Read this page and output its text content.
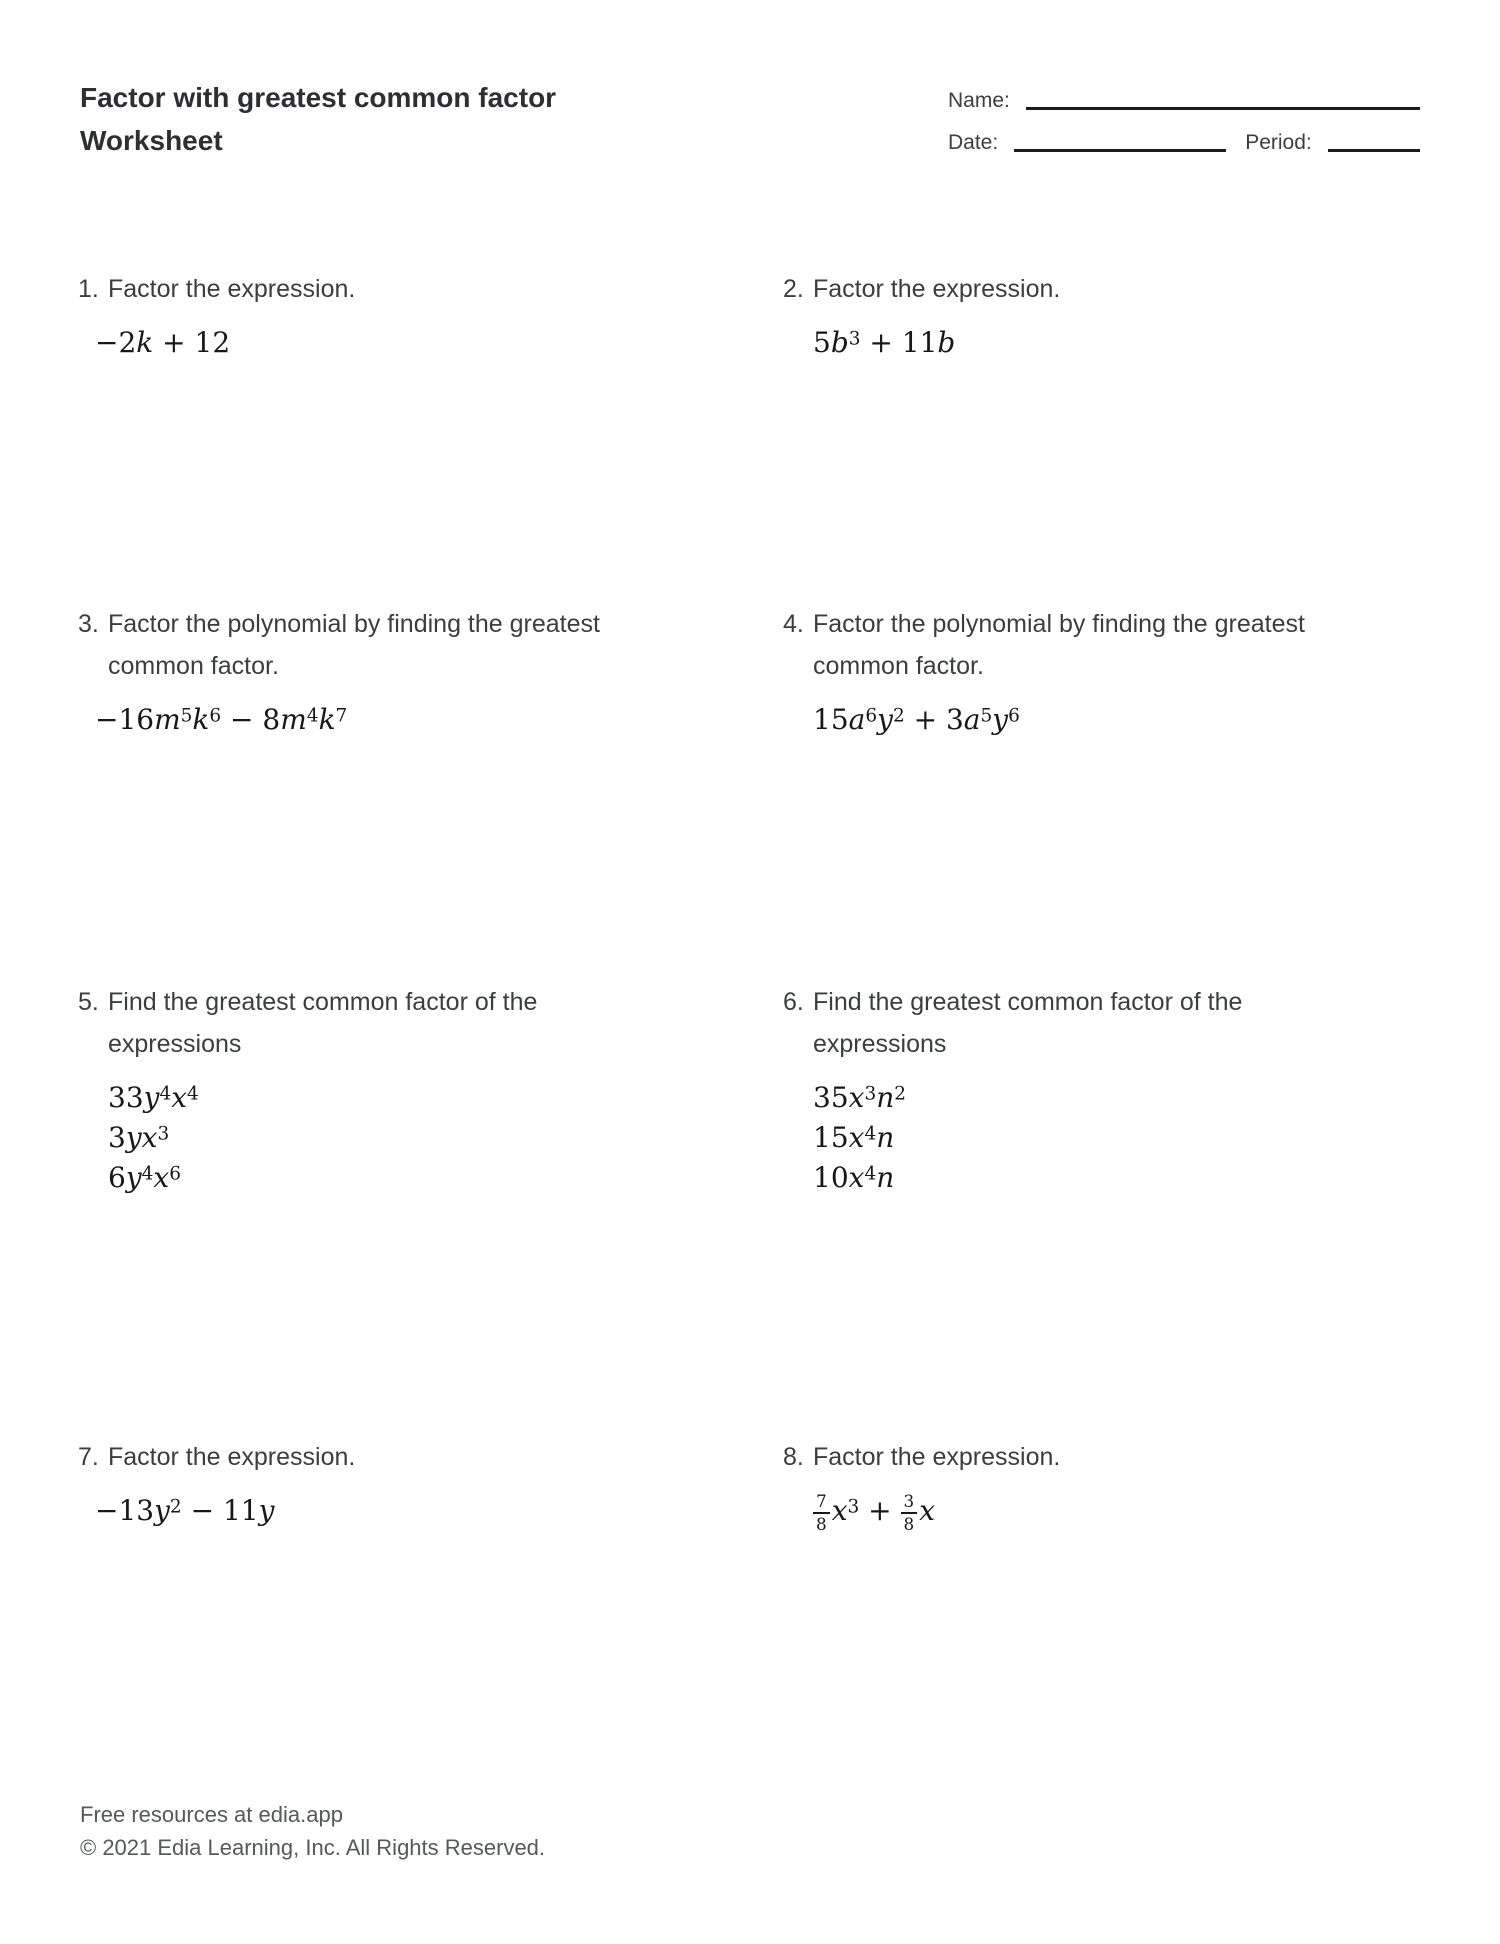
Factor with greatest common factor
Worksheet
Name:
Date:	Period:
1. Factor the expression.
−2k + 12
2. Factor the expression.
$5b^3 + 11b$
3. Factor the polynomial by finding the greatest
common factor.
$-16m^5k^6 - 8m^4k^7$
4. Factor the polynomial by finding the greatest
common factor.
$15a^6y^2 + 3a^5y^6$
5. Find the greatest common factor of the
expressions
$33y^4x^4$
$3yx^3$
$6y^4x^6$
6. Find the greatest common factor of the
expressions
$35x^3n^2$
$15x^4n$
$10x^4n$
7. Factor the expression.
$-13y^2 - 11y$
8. Factor the expression.
$\frac{7}{8} x^3 + \frac{3}{8}$ x
Free resources at edia.app
© 2021 Edia Learning, Inc. All Rights Reserved.
